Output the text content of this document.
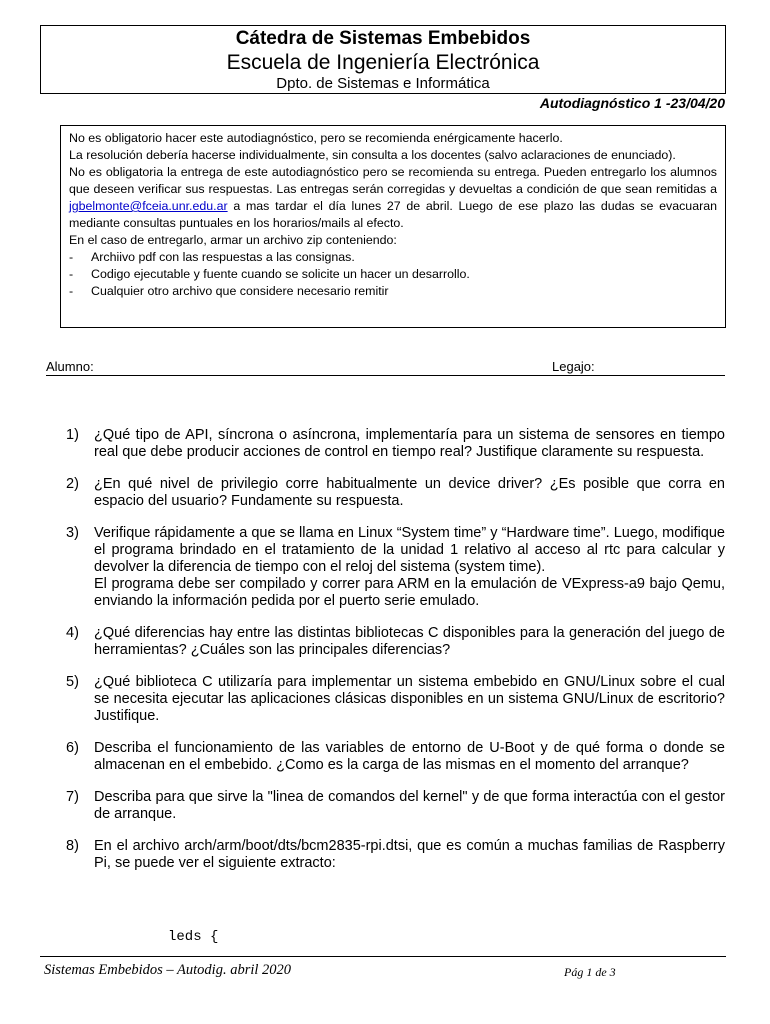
Cátedra de Sistemas Embebidos
Escuela de Ingeniería Electrónica
Dpto. de Sistemas e Informática
Autodiagnóstico 1 -23/04/20

No es obligatorio hacer este autodiagnóstico, pero se recomienda enérgicamente hacerlo.

La resolución debería hacerse individualmente, sin consulta a los docentes (salvo aclaraciones de enunciado).

No es obligatoria la entrega de este autodiagnóstico pero se recomienda su entrega. Pueden entregarlo los alumnos que deseen verificar sus respuestas. Las entregas serán corregidas y devueltas a condición de que sean remitidas a jgbelmonte@fceia.unr.edu.ar a mas tardar el día lunes 27 de abril. Luego de ese plazo las dudas se evacuaran mediante consultas puntuales en los horarios/mails al efecto.

En el caso de entregarlo, armar un archivo zip conteniendo:

-	Archiivo pdf con las respuestas a las consignas.
-	Codigo ejecutable y fuente cuando se solicite un hacer un desarrollo.
-	Cualquier otro archivo que considere necesario remitir
Alumno:	Legajo:
1)	¿Qué tipo de API, síncrona o asíncrona, implementaría para un sistema de sensores en tiempo real que debe producir acciones de control en tiempo real? Justifique claramente su respuesta.
2)	¿En qué nivel de privilegio corre habitualmente un device driver? ¿Es posible que corra en espacio del usuario? Fundamente su respuesta.
3)	Verifique rápidamente a que se llama en Linux “System time” y “Hardware time”. Luego, modifique el programa brindado en el tratamiento de la unidad 1 relativo al acceso al rtc para calcular y devolver la diferencia de tiempo con el reloj del sistema (system time).
El programa debe ser compilado y correr para ARM en la emulación de VExpress-a9 bajo Qemu, enviando la información pedida por el puerto serie emulado.
4)	¿Qué diferencias hay entre las distintas bibliotecas C disponibles para la generación del juego de herramientas? ¿Cuáles son las principales diferencias?
5)	¿Qué biblioteca C utilizaría para implementar un sistema embebido en GNU/Linux sobre el cual se necesita ejecutar las aplicaciones clásicas disponibles en un sistema GNU/Linux de escritorio? Justifique.
6)	Describa el funcionamiento de las variables de entorno de U-Boot y de qué forma o donde se almacenan en el embebido. ¿Como es la carga de las mismas en el momento del arranque?
7)	Describa para que sirve la "linea de comandos del kernel" y de que forma interactúa con el gestor de arranque.
8)	En el archivo arch/arm/boot/dts/bcm2835-rpi.dtsi, que es común a muchas familias de Raspberry Pi, se puede ver el siguiente extracto:
leds {
Sistemas Embebidos – Autodig. abril 2020	Pág 1 de 3
